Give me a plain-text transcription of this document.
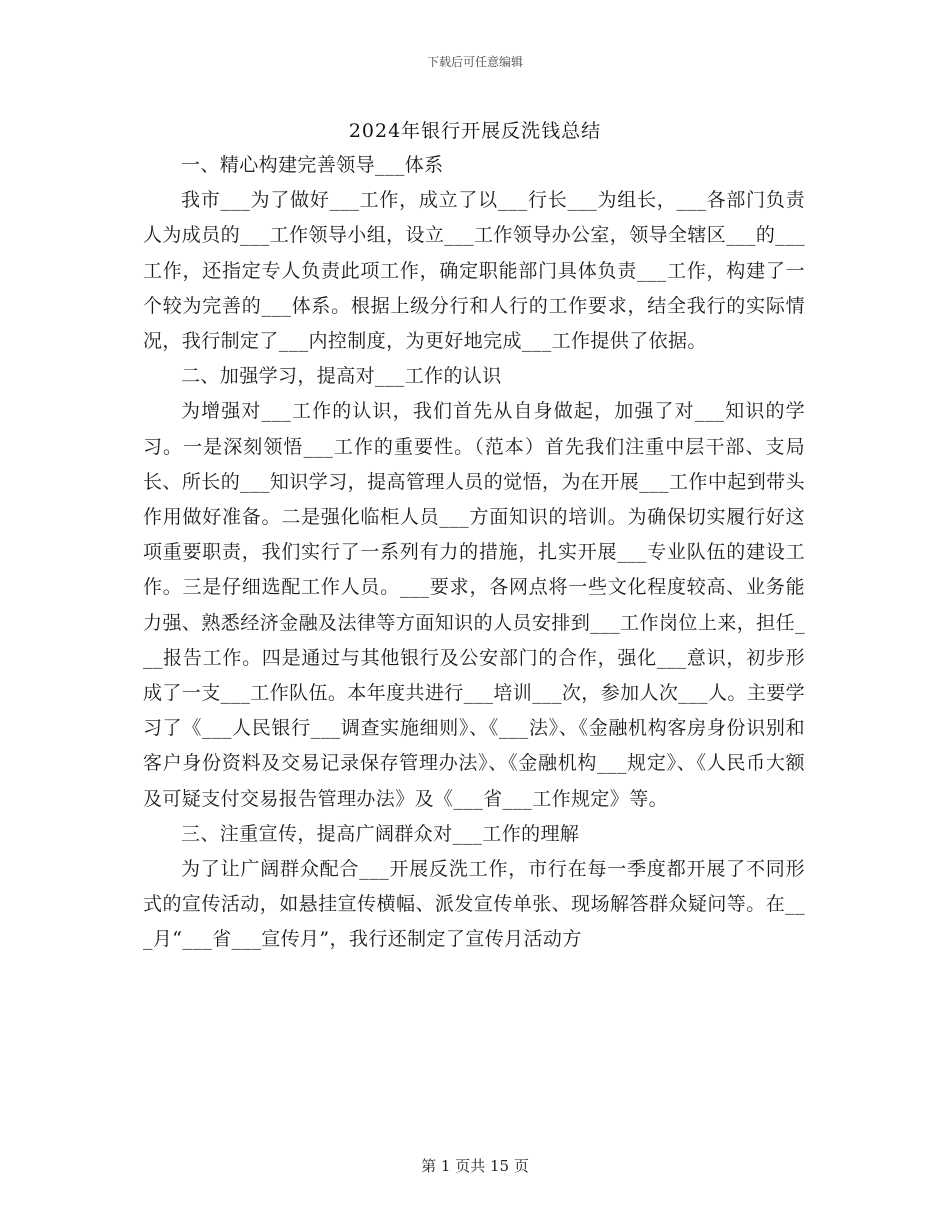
下载后可任意编辑
2024年银行开展反洗钱总结

一、精心构建完善领导___体系

我市___为了做好___工作，成立了以___行长___为组长，___各部门负责人为成员的___工作领导小组，设立___工作领导办公室，领导全辖区___的___工作，还指定专人负责此项工作，确定职能部门具体负责___工作，构建了一个较为完善的___体系。根据上级分行和人行的工作要求，结全我行的实际情况，我行制定了___内控制度，为更好地完成___工作提供了依据。

二、加强学习，提高对___工作的认识

为增强对___工作的认识，我们首先从自身做起，加强了对___知识的学习。一是深刻领悟___工作的重要性。（范本）首先我们注重中层干部、支局长、所长的___知识学习，提高管理人员的觉悟，为在开展___工作中起到带头作用做好准备。二是强化临柜人员___方面知识的培训。为确保切实履行好这项重要职责，我们实行了一系列有力的措施，扎实开展___专业队伍的建设工作。三是仔细选配工作人员。___要求，各网点将一些文化程度较高、业务能力强、熟悉经济金融及法律等方面知识的人员安排到___工作岗位上来，担任___报告工作。四是通过与其他银行及公安部门的合作，强化___意识，初步形成了一支___工作队伍。本年度共进行___培训___次，参加人次___人。主要学习了《___人民银行___调查实施细则》、《___法》、《金融机构客房身份识别和客户身份资料及交易记录保存管理办法》、《金融机构___规定》、《人民币大额及可疑支付交易报告管理办法》及《___省___工作规定》等。

三、注重宣传，提高广阔群众对___工作的理解

为了让广阔群众配合___开展反洗工作，市行在每一季度都开展了不同形式的宣传活动，如悬挂宣传横幅、派发宣传单张、现场解答群众疑问等。在___月“___省___宣传月”，我行还制定了宣传月活动方

第 1 页共 15 页
